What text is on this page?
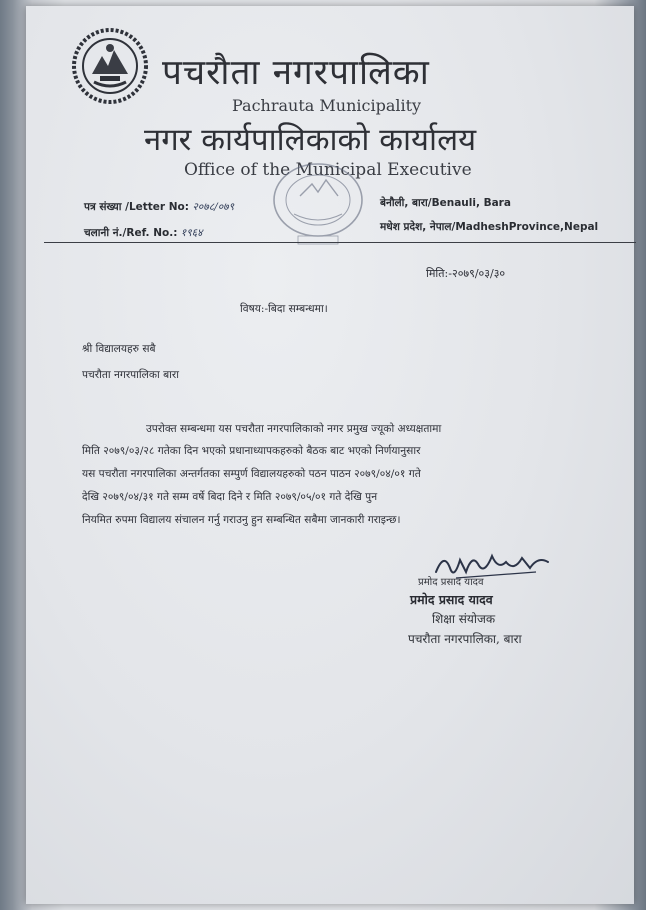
पचरौता नगरपालिका
Pachrauta Municipality
नगर कार्यपालिकाको कार्यालय
Office of the Municipal Executive
पत्र संख्या /Letter No: २०७८/०७९
चलानी नं./Ref. No.: १९६४
बेनौली, बारा/Benauli, Bara
मधेश प्रदेश, नेपाल/MadheshProvince,Nepal
मिति:-२०७९/०३/३०
विषय:-बिदा सम्बन्धमा।
श्री विद्यालयहरु सबै
पचरौता नगरपालिका बारा
उपरोक्त सम्बन्धमा यस पचरौता नगरपालिकाको नगर प्रमुख ज्यूको अध्यक्षतामा
मिति २०७९/०३/२८ गतेका दिन भएको प्रधानाध्यापकहरुको बैठक बाट भएको निर्णयानुसार
यस पचरौता नगरपालिका अन्तर्गतका सम्पुर्ण विद्यालयहरुको पठन पाठन २०७९/०४/०१ गते
देखि २०७९/०४/३१ गते सम्म वर्षे बिदा दिने र मिति २०७९/०५/०१ गते देखि पुन
नियमित रुपमा विद्यालय संचालन गर्नु गराउनु हुन सम्बन्धित सबैमा जानकारी गराइन्छ।
प्रमोद प्रसाद यादव
प्रमोद प्रसाद यादव
शिक्षा संयोजक
पचरौता नगरपालिका, बारा
